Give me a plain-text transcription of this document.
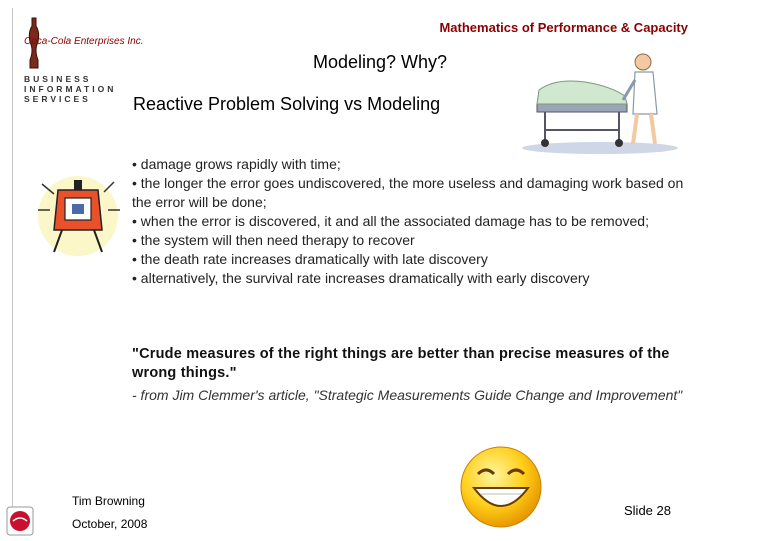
Coca-Cola Enterprises Inc.
BUSINESS
INFORMATION
SERVICES
Mathematics of Performance & Capacity
Modeling? Why?
Reactive Problem Solving vs Modeling
• damage grows rapidly with time;
• the longer the error goes undiscovered, the more useless and damaging work based on the error will be done;
• when the error is discovered, it and all the associated damage has to be removed;
• the system will then need therapy to recover
• the death rate increases dramatically with late discovery
• alternatively, the survival rate increases dramatically with early discovery
"Crude measures of the right things are better than precise measures of the wrong things."
- from Jim Clemmer's article, "Strategic Measurements Guide Change and Improvement"
Tim Browning
October, 2008
Slide 28
